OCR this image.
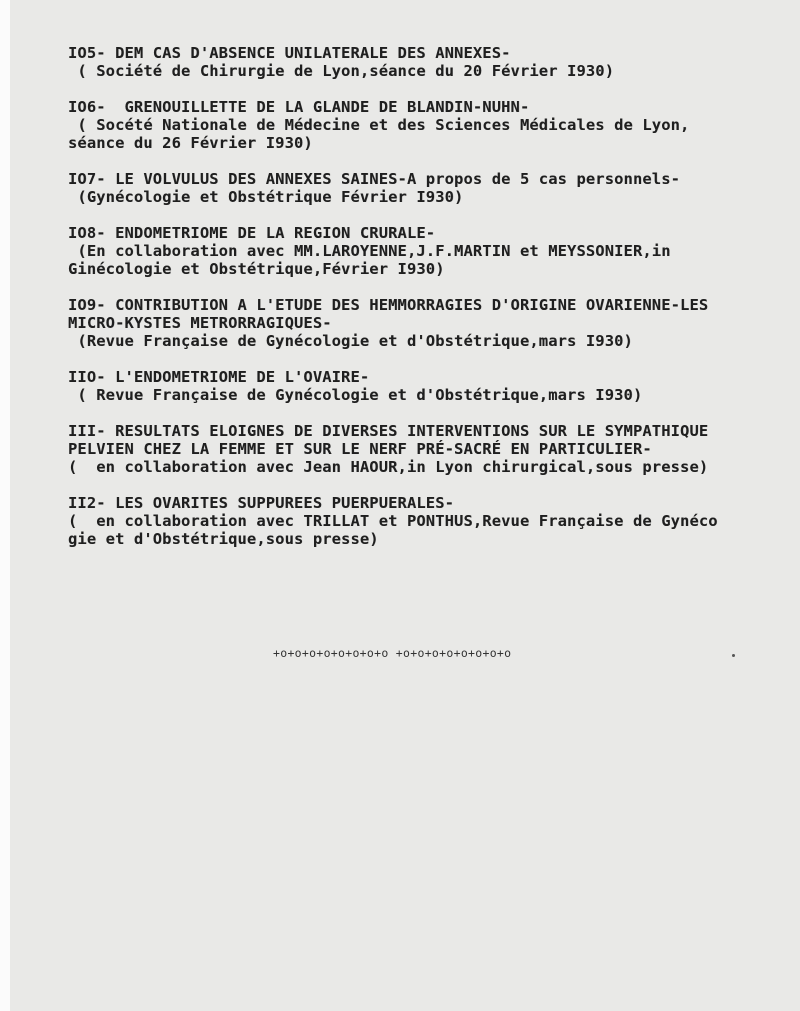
IO5- DEM CAS D'ABSENCE UNILATERALE DES ANNEXES-
( Société de Chirurgie de Lyon,séance du 20 Février I930)
IO6-  GRENOUILLETTE DE LA GLANDE DE BLANDIN-NUHN-
( Socété Nationale de Médecine et des Sciences Médicales de Lyon,
séance du 26 Février I930)
IO7- LE VOLVULUS DES ANNEXES SAINES-A propos de 5 cas personnels-
(Gynécologie et Obstétrique Février I930)
IO8- ENDOMETRIOME DE LA REGION CRURALE-
(En collaboration avec MM.LAROYENNE,J.F.MARTIN et MEYSSONIER,in
Ginécologie et Obstétrique,Février I930)
IO9- CONTRIBUTION A L'ETUDE DES HEMMORRAGIES D'ORIGINE OVARIENNE-LES
MICRO-KYSTES METRORRAGIQUES-
(Revue Française de Gynécologie et d'Obstétrique,mars I930)
IIO- L'ENDOMETRIOME DE L'OVAIRE-
( Revue Française de Gynécologie et d'Obstétrique,mars I930)
III- RESULTATS ELOIGNES DE DIVERSES INTERVENTIONS SUR LE SYMPATHIQUE
PELVIEN CHEZ LA FEMME ET SUR LE NERF PRÉ-SACRÉ EN PARTICULIER-
(  en collaboration avec Jean HAOUR,in Lyon chirurgical,sous presse)
II2- LES OVARITES SUPPUREES PUERPUERALES-
(  en collaboration avec TRILLAT et PONTHUS,Revue Française de Gynéco
gie et d'Obstétrique,sous presse)
+o+o+o+o+o+o+o+o +o+o+o+o+o+o+o+o
